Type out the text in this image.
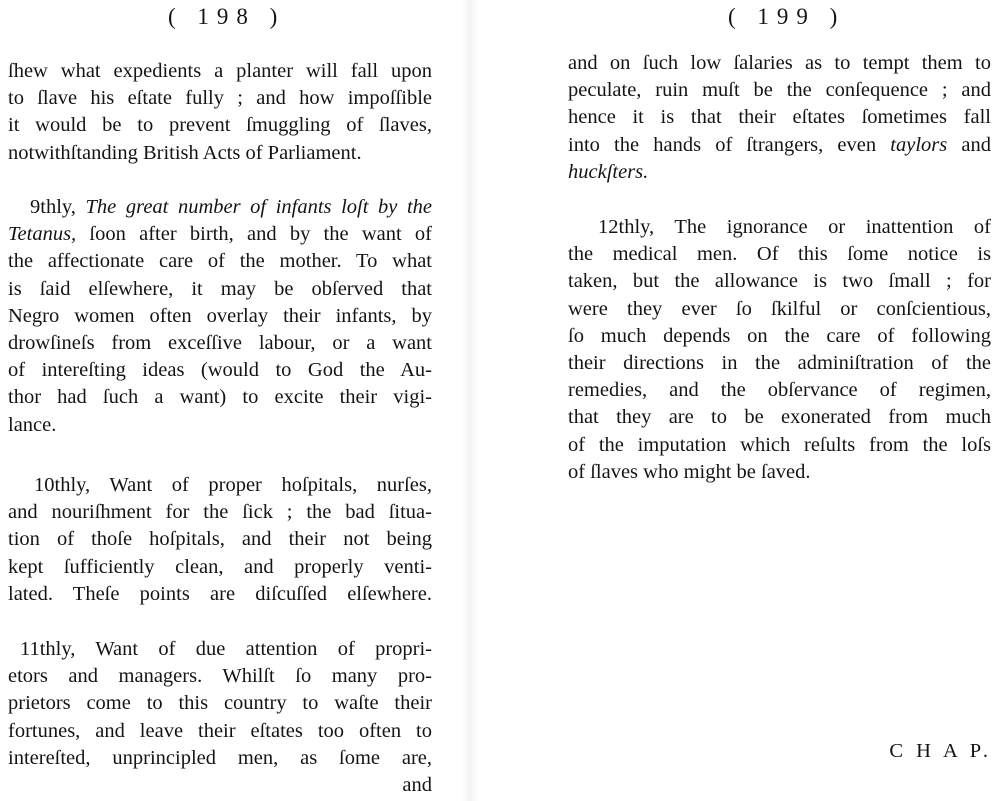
( 198 )
ſhew what expedients a planter will fall upon
to ſlave his eſtate fully ; and how impoſſible
it would be to prevent ſmuggling of ſlaves,
notwithſtanding British Acts of Parliament.
9thly, The great number of infants loſt by the
Tetanus, ſoon after birth, and by the want of
the affectionate care of the mother. To what
is ſaid elſewhere, it may be obſerved that
Negro women often overlay their infants, by
drowſineſs from exceſſive labour, or a want
of intereſting ideas (would to God the Au-
thor had ſuch a want) to excite their vigi-
lance.
10thly, Want of proper hoſpitals, nurſes,
and nouriſhment for the ſick ; the bad ſitua-
tion of thoſe hoſpitals, and their not being
kept ſufficiently clean, and properly venti-
lated. Theſe points are diſcuſſed elſewhere.
11thly, Want of due attention of propri-
etors and managers. Whilſt ſo many pro-
prietors come to this country to waſte their
fortunes, and leave their eſtates too often to
intereſted, unprincipled men, as ſome are,
and
( 199 )
and on ſuch low ſalaries as to tempt them to
peculate, ruin muſt be the conſequence ; and
hence it is that their eſtates ſometimes fall
into the hands of ſtrangers, even taylors and
huckſters.
12thly, The ignorance or inattention of
the medical men. Of this ſome notice is
taken, but the allowance is two ſmall ; for
were they ever ſo ſkilful or conſcientious,
ſo much depends on the care of following
their directions in the adminiſtration of the
remedies, and the obſervance of regimen,
that they are to be exonerated from much
of the imputation which reſults from the loſs
of ſlaves who might be ſaved.
C H A P.
